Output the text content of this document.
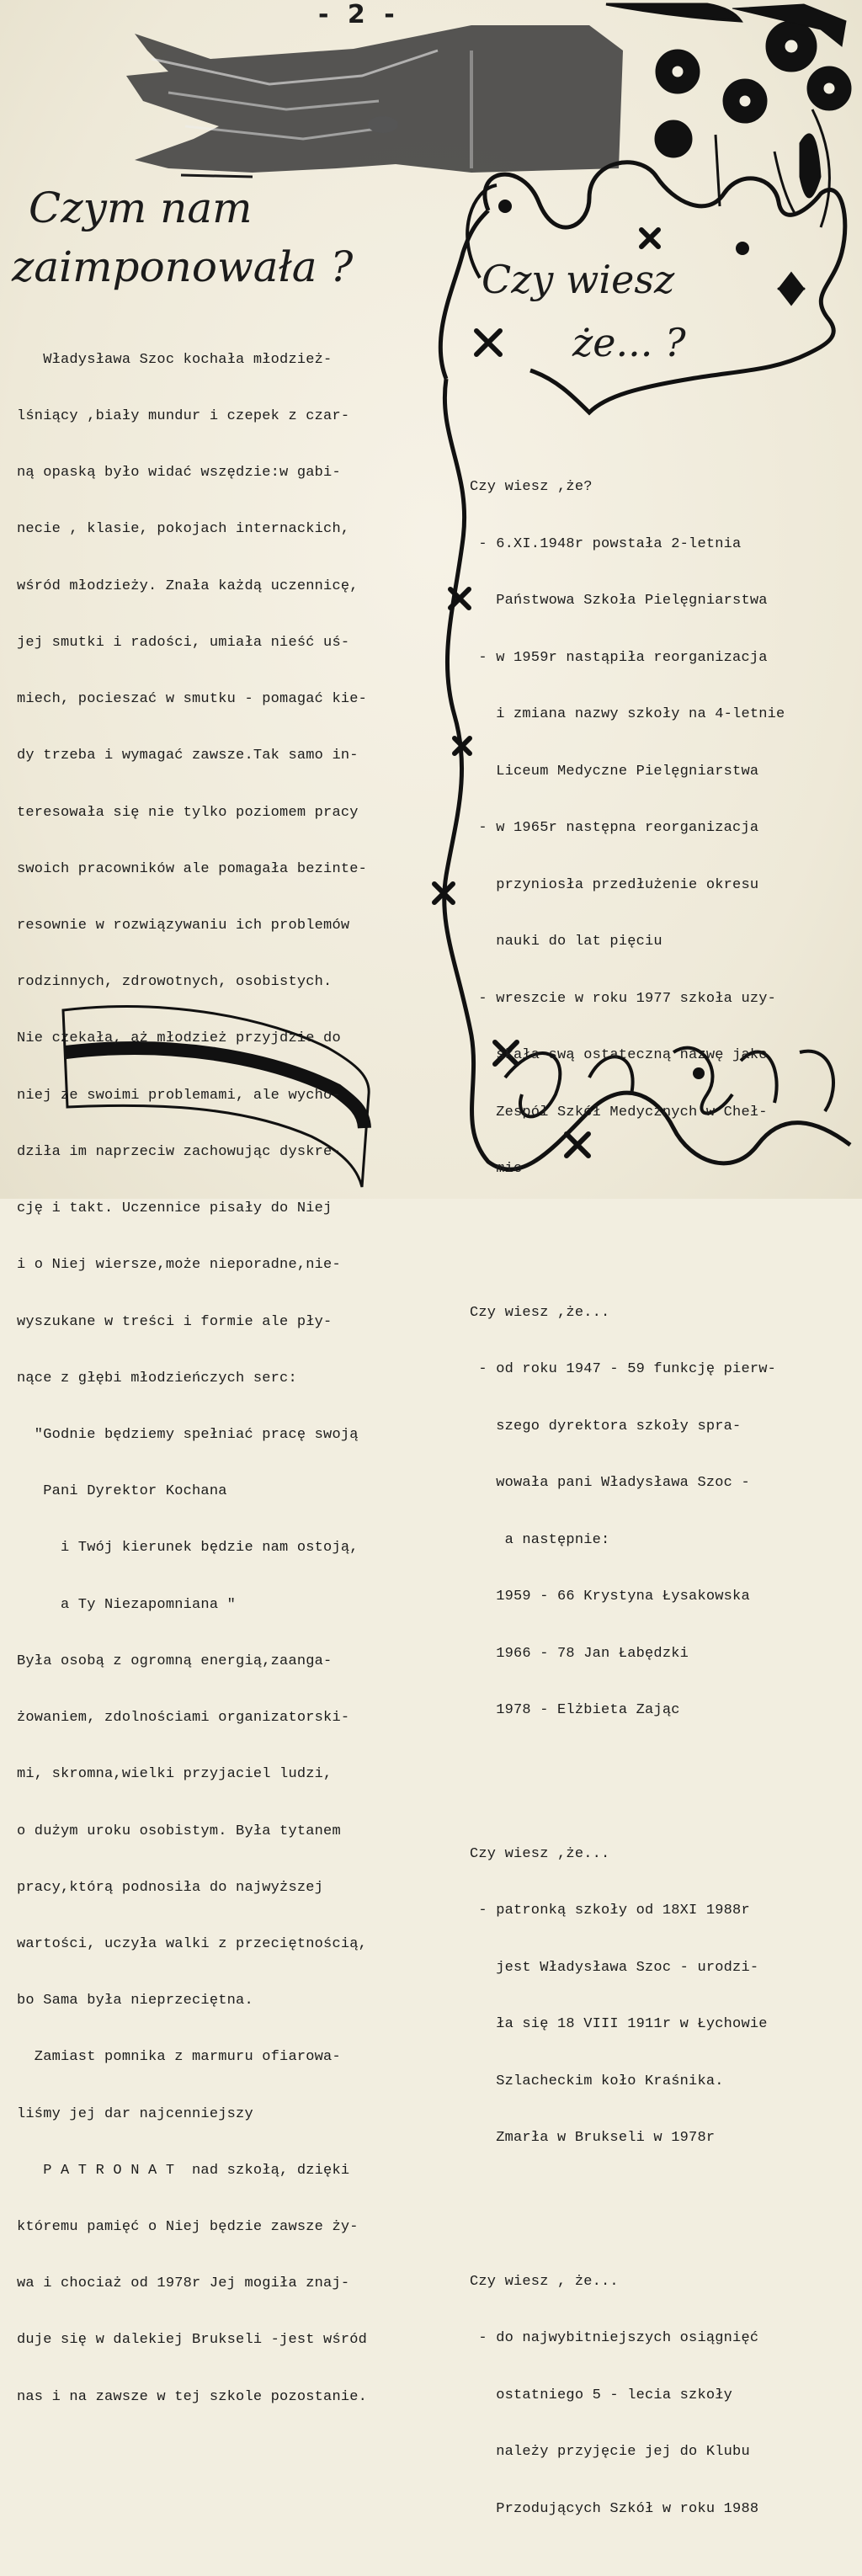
- 2 -
Czym nam
zaimponowała ?	Czy wiesz
że... ?

Władysława Szoc kochała młodzież-

lśniący ,biały mundur i czepek z czar-

ną opaską było widać wszędzie:w gabi-

necie , klasie, pokojach internackich,

wśród młodzieży. Znała każdą uczennicę,

jej smutki i radości, umiała nieść uś-

miech, pocieszać w smutku - pomagać kie-

dy trzeba i wymagać zawsze.Tak samo in-

teresowała się nie tylko poziomem pracy

swoich pracowników ale pomagała bezinte-

resownie w rozwiązywaniu ich problemów

rodzinnych, zdrowotnych, osobistych.

Nie czekała, aż młodzież przyjdzie do

niej ze swoimi problemami, ale wycho-

dziła im naprzeciw zachowując dyskre-

cję i takt. Uczennice pisały do Niej

i o Niej wiersze,może nieporadne,nie-

wyszukane w treści i formie ale pły-

nące z głębi młodzieńczych serc:

"Godnie będziemy spełniać pracę swoją

Pani Dyrektor Kochana

i Twój kierunek będzie nam ostoją,

a Ty Niezapomniana "

Była osobą z ogromną energią,zaanga-

żowaniem, zdolnościami organizatorski-

mi, skromna,wielki przyjaciel ludzi,

o dużym uroku osobistym. Była tytanem

pracy,którą podnosiła do najwyższej

wartości, uczyła walki z przeciętnością,

bo Sama była nieprzeciętna.

Zamiast pomnika z marmuru ofiarowa-

liśmy jej dar najcenniejszy

P A T R O N A T  nad szkołą, dzięki

któremu pamięć o Niej będzie zawsze ży-

wa i chociaż od 1978r Jej mogiła znaj-

duje się w dalekiej Brukseli -jest wśród

nas i na zawsze w tej szkole pozostanie.

Czy wiesz ,że?

- 6.XI.1948r powstała 2-letnia

Państwowa Szkoła Pielęgniarstwa

- w 1959r nastąpiła reorganizacja

i zmiana nazwy szkoły na 4-letnie

Liceum Medyczne Pielęgniarstwa

- w 1965r następna reorganizacja

przyniosła przedłużenie okresu

nauki do lat pięciu

- wreszcie w roku 1977 szkoła uzy-

skała swą ostateczną nazwę jako

Zespół Szkół Medycznych w Cheł-

mie

Czy wiesz ,że...

- od roku 1947 - 59 funkcję pierw-

szego dyrektora szkoły spra-

wowała pani Władysława Szoc -

a następnie:

1959 - 66 Krystyna Łysakowska

1966 - 78 Jan Łabędzki

1978 - Elżbieta Zając

Czy wiesz ,że...

- patronką szkoły od 18XI 1988r

jest Władysława Szoc - urodzi-

ła się 18 VIII 1911r w Łychowie

Szlacheckim koło Kraśnika.

Zmarła w Brukseli w 1978r

Czy wiesz , że...

- do najwybitniejszych osiągnięć

ostatniego 5 - lecia szkoły

należy przyjęcie jej do Klubu

Przodujących Szkół w roku 1988
